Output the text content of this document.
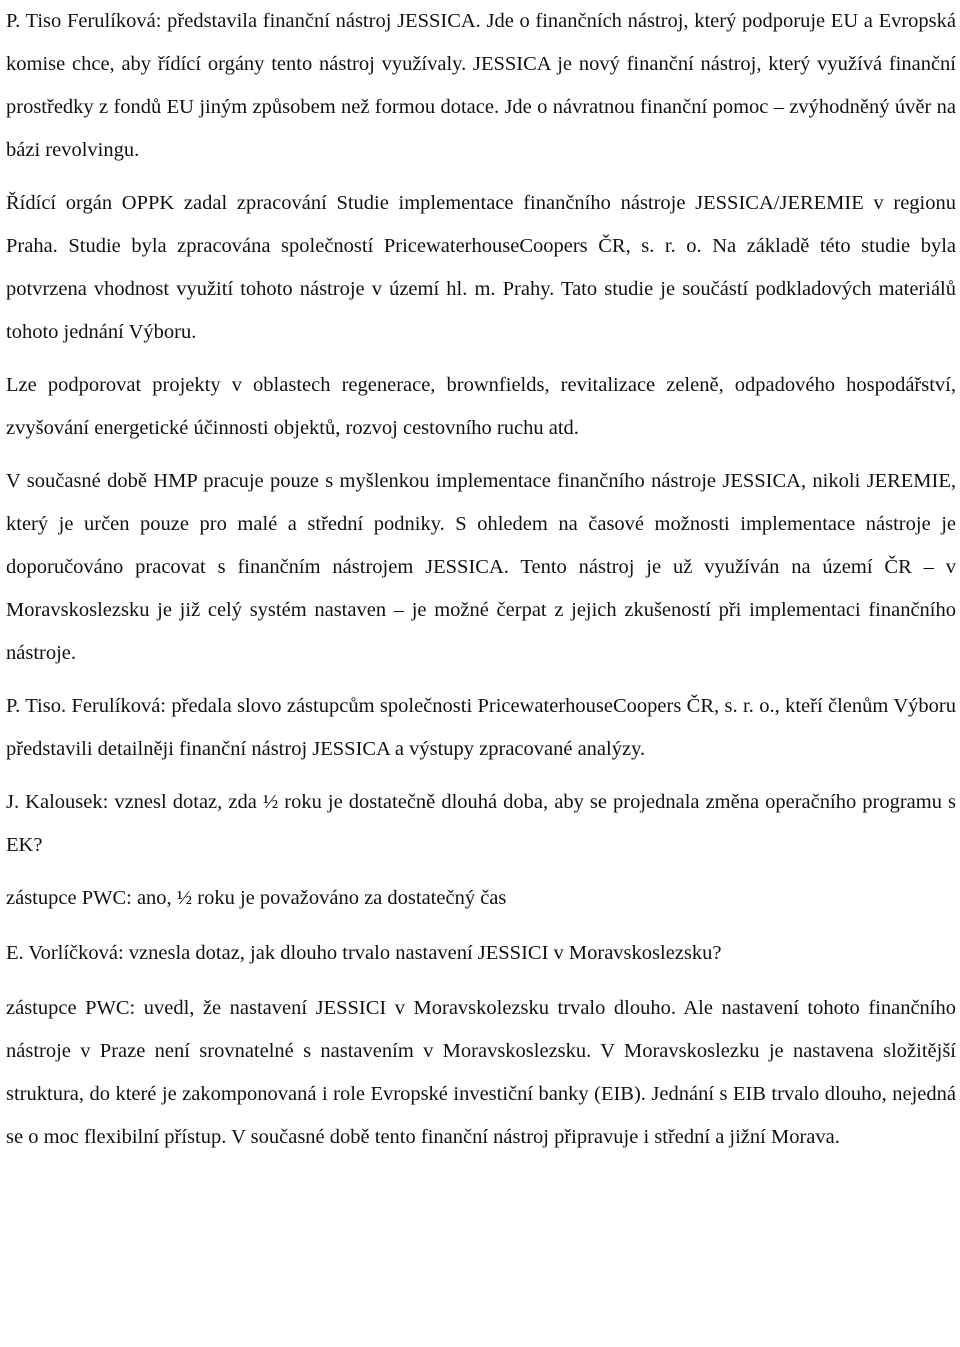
P. Tiso Ferulíková: představila finanční nástroj JESSICA. Jde o finančních nástroj, který podporuje EU a Evropská komise chce, aby řídící orgány tento nástroj využívaly. JESSICA je nový finanční nástroj, který využívá finanční prostředky z fondů EU jiným způsobem než formou dotace. Jde o návratnou finanční pomoc – zvýhodněný úvěr na bázi revolvingu.

Řídící orgán OPPK zadal zpracování Studie implementace finančního nástroje JESSICA/JEREMIE v regionu Praha. Studie byla zpracována společností PricewaterhouseCoopers ČR, s. r. o. Na základě této studie byla potvrzena vhodnost využití tohoto nástroje v území hl. m. Prahy. Tato studie je součástí podkladových materiálů tohoto jednání Výboru.

Lze podporovat projekty v oblastech regenerace, brownfields, revitalizace zeleně, odpadového hospodářství, zvyšování energetické účinnosti objektů, rozvoj cestovního ruchu atd.

V současné době HMP pracuje pouze s myšlenkou implementace finančního nástroje JESSICA, nikoli JEREMIE, který je určen pouze pro malé a střední podniky. S ohledem na časové možnosti implementace nástroje je doporučováno pracovat s finančním nástrojem JESSICA. Tento nástroj je už využíván na území ČR – v Moravskoslezsku je již celý systém nastaven – je možné čerpat z jejich zkušeností při implementaci finančního nástroje.

P. Tiso. Ferulíková: předala slovo zástupcům společnosti PricewaterhouseCoopers ČR, s. r. o., kteří členům Výboru představili detailněji finanční nástroj JESSICA a výstupy zpracované analýzy.

J. Kalousek: vznesl dotaz, zda ½ roku je dostatečně dlouhá doba, aby se projednala změna operačního programu s EK?

zástupce PWC: ano, ½ roku je považováno za dostatečný čas

E. Vorlíčková: vznesla dotaz, jak dlouho trvalo nastavení JESSICI v Moravskoslezsku?

zástupce PWC: uvedl, že nastavení JESSICI v Moravskolezsku trvalo dlouho. Ale nastavení tohoto finančního nástroje v Praze není srovnatelné s nastavením v Moravskoslezsku. V Moravskoslezku je nastavena složitější struktura, do které je zakomponovaná i role Evropské investiční banky (EIB). Jednání s EIB trvalo dlouho, nejedná se o moc flexibilní přístup. V současné době tento finanční nástroj připravuje i střední a jižní Morava.
